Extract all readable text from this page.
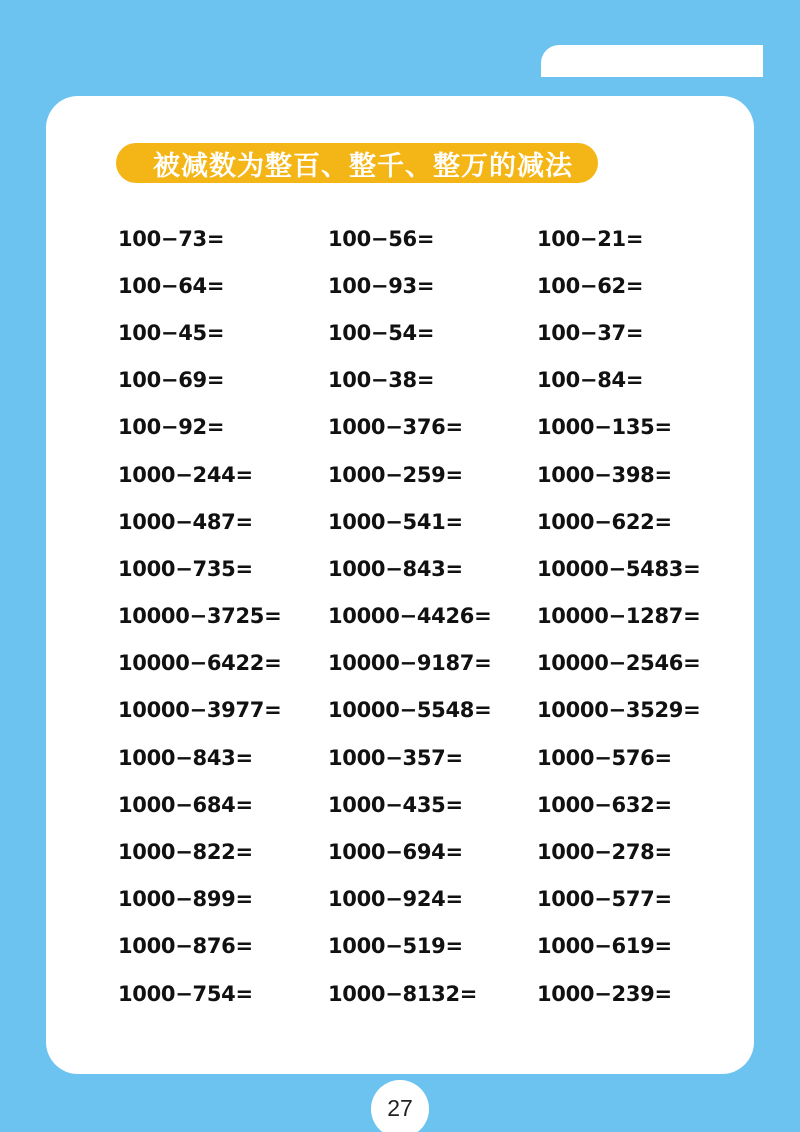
被减数为整百、整千、整万的减法
100−73=	100−56=	100−21=
100−64=	100−93=	100−62=
100−45=	100−54=	100−37=
100−69=	100−38=	100−84=
100−92=	1000−376=	1000−135=
1000−244=	1000−259=	1000−398=
1000−487=	1000−541=	1000−622=
1000−735=	1000−843=	10000−5483=
10000−3725=	10000−4426=	10000−1287=
10000−6422=	10000−9187=	10000−2546=
10000−3977=	10000−5548=	10000−3529=
1000−843=	1000−357=	1000−576=
1000−684=	1000−435=	1000−632=
1000−822=	1000−694=	1000−278=
1000−899=	1000−924=	1000−577=
1000−876=	1000−519=	1000−619=
1000−754=	1000−8132=	1000−239=
27
